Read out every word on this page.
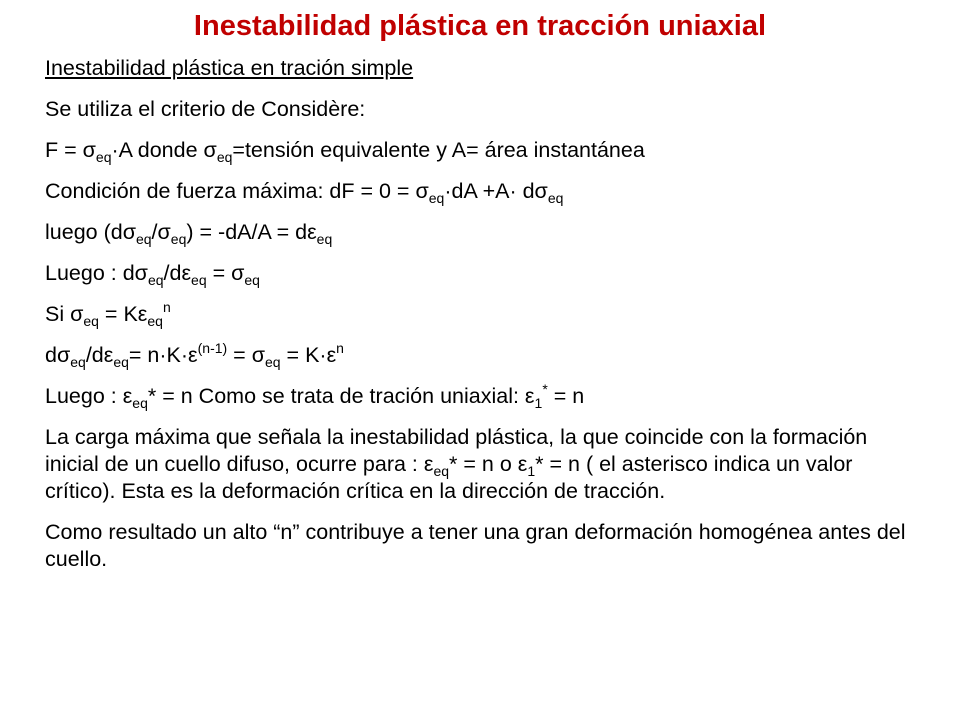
Inestabilidad plástica en tracción uniaxial

Inestabilidad plástica en tración simple

Se utiliza el criterio de Considère:

$F = \sigma_{eq}\cdot A$ donde $\sigma_{eq}=tensión$ equivalente y A= área instantánea

Condición de fuerza máxima: dF = $0 = \sigma_{eq}\cdot dA +A\cdot d\sigma_{eq}$

luego $(d\sigma_{eq}/\sigma_{eq}) = -dA/A = d\varepsilon_{eq}$

Luego : $d\sigma_{eq}/d\varepsilon_{eq} = \sigma_{eq}$

Si $\sigma_{eq} = K\varepsilon_{eq}^n$

$d\sigma_{eq}/d\varepsilon_{eq}= n\cdot K\cdot\varepsilon^{(n-1)} = \sigma_{eq} = K\cdot\varepsilon^n$

Luego : $\varepsilon_{eq}* = n$ Como se trata de tración uniaxial: $\varepsilon_1^* = n$

La carga máxima que señala la inestabilidad plástica, la que coincide con la formación inicial de un cuello difuso, ocurre para : $\varepsilon_{eq}* = n$ o $\varepsilon_1* = n$ ( el asterisco indica un valor crítico). Esta es la deformación crítica en la dirección de tracción.

Como resultado un alto “n” contribuye a tener una gran deformación homogénea antes del cuello.
